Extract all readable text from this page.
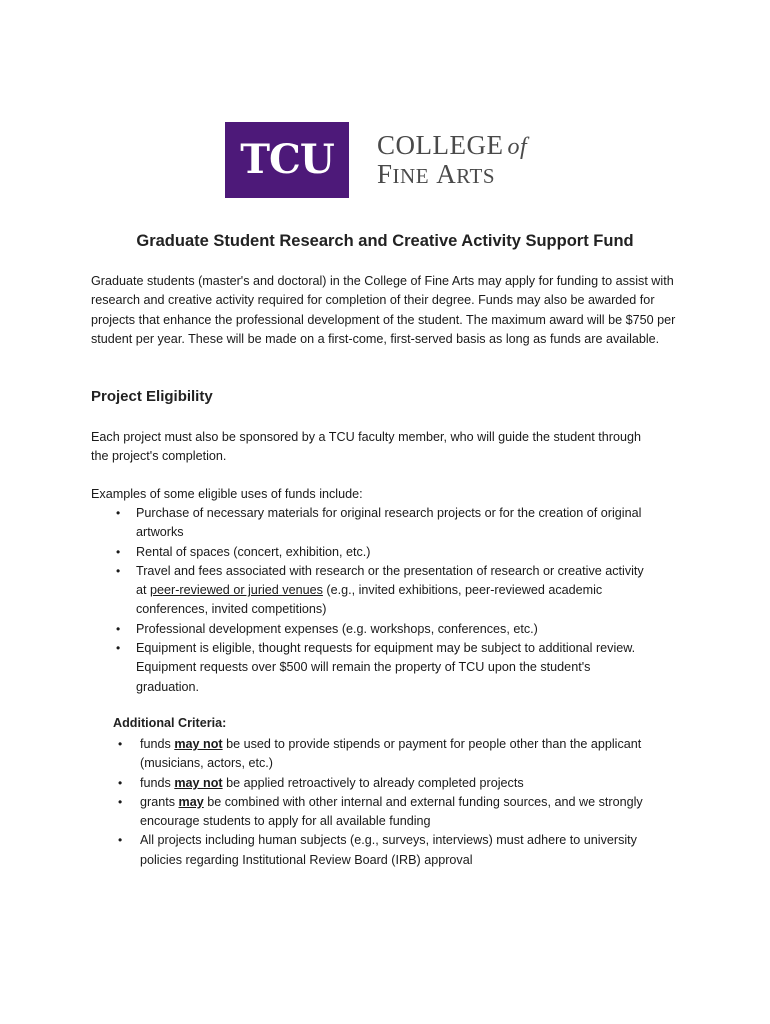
TCU COLLEGE of
FINE ARTS
Graduate Student Research and Creative Activity Support Fund
Graduate students (master's and doctoral) in the College of Fine Arts may apply for funding to assist with research and creative activity required for completion of their degree. Funds may also be awarded for projects that enhance the professional development of the student. The maximum award will be $750 per student per year. These will be made on a first-come, first-served basis as long as funds are available.
Project Eligibility
Each project must also be sponsored by a TCU faculty member, who will guide the student through the project's completion.
Examples of some eligible uses of funds include:
• Purchase of necessary materials for original research projects or for the creation of original artworks
• Rental of spaces (concert, exhibition, etc.)
• Travel and fees associated with research or the presentation of research or creative activity at peer-reviewed or juried venues (e.g., invited exhibitions, peer-reviewed academic conferences, invited competitions)
• Professional development expenses (e.g. workshops, conferences, etc.)
• Equipment is eligible, thought requests for equipment may be subject to additional review. Equipment requests over $500 will remain the property of TCU upon the student's graduation.
Additional Criteria:
• funds may not be used to provide stipends or payment for people other than the applicant (musicians, actors, etc.)
• funds may not be applied retroactively to already completed projects
• grants may be combined with other internal and external funding sources, and we strongly encourage students to apply for all available funding
• All projects including human subjects (e.g., surveys, interviews) must adhere to university policies regarding Institutional Review Board (IRB) approval
